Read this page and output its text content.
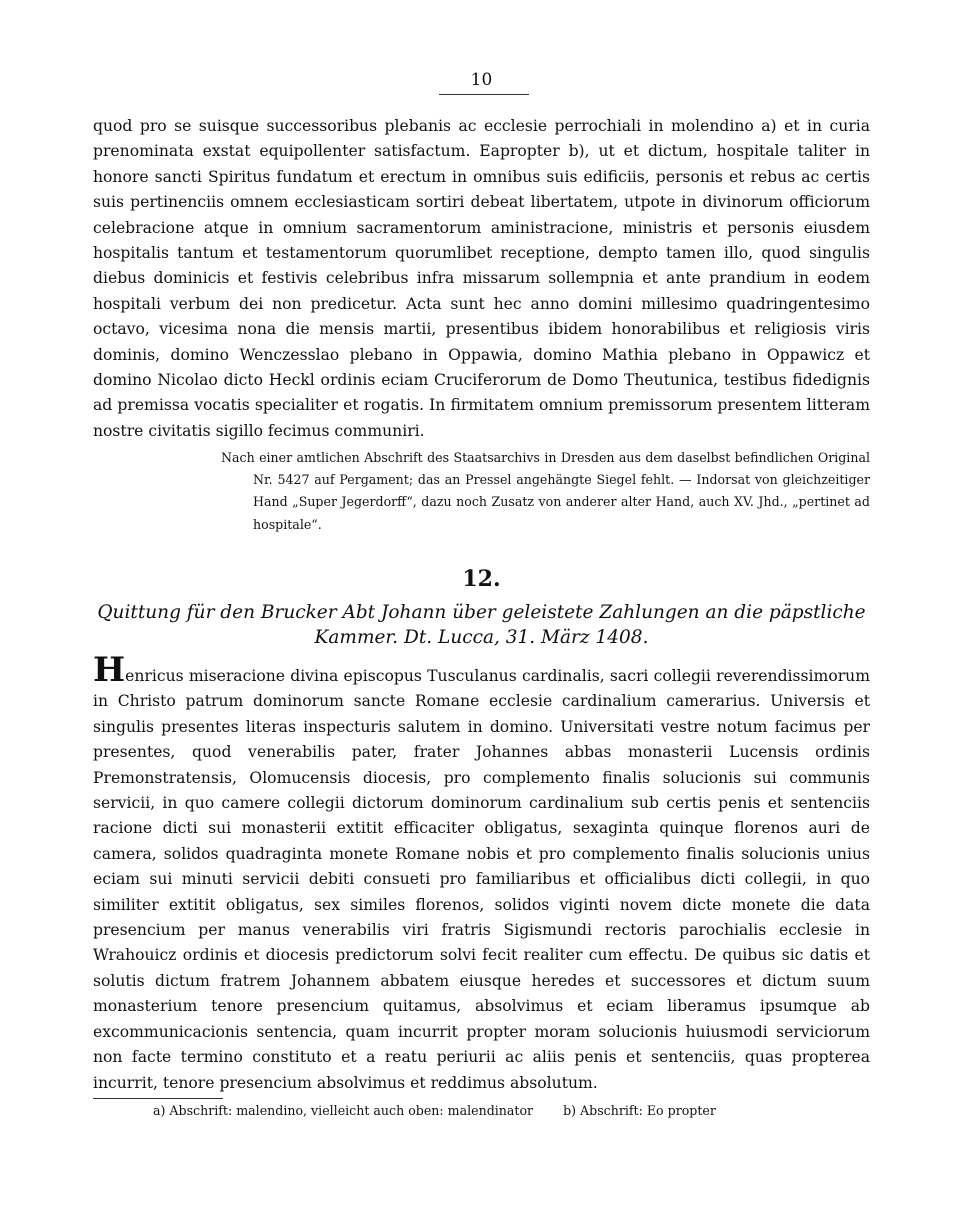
10

quod pro se suisque successoribus plebanis ac ecclesie perrochiali in molendino a) et in curia prenominata exstat equipollenter satisfactum. Eapropter b), ut et dictum, hospitale taliter in honore sancti Spiritus fundatum et erectum in omnibus suis edificiis, personis et rebus ac certis suis pertinenciis omnem ecclesiasticam sortiri debeat libertatem, utpote in divinorum officiorum celebracione atque in omnium sacramentorum aministracione, ministris et personis eiusdem hospitalis tantum et testamentorum quorumlibet receptione, dempto tamen illo, quod singulis diebus dominicis et festivis celebribus infra missarum sollempnia et ante prandium in eodem hospitali verbum dei non predicetur. Acta sunt hec anno domini millesimo quadringentesimo octavo, vicesima nona die mensis martii, presentibus ibidem honorabilibus et religiosis viris dominis, domino Wenczesslao plebano in Oppawia, domino Mathia plebano in Oppawicz et domino Nicolao dicto Heckl ordinis eciam Cruciferorum de Domo Theutunica, testibus fidedignis ad premissa vocatis specialiter et rogatis. In firmitatem omnium premissorum presentem litteram nostre civitatis sigillo fecimus communiri.

Nach einer amtlichen Abschrift des Staatsarchivs in Dresden aus dem daselbst befindlichen Original Nr. 5427 auf Pergament; das an Pressel angehängte Siegel fehlt. — Indorsat von gleichzeitiger Hand „Super Jegerdorff“, dazu noch Zusatz von anderer alter Hand, auch XV. Jhd., „pertinet ad hospitale“.
12.
Quittung für den Brucker Abt Johann über geleistete Zahlungen an die päpstliche Kammer. Dt. Lucca, 31. März 1408.

Henricus miseracione divina episcopus Tusculanus cardinalis, sacri collegii reverendissimorum in Christo patrum dominorum sancte Romane ecclesie cardinalium camerarius. Universis et singulis presentes literas inspecturis salutem in domino. Universitati vestre notum facimus per presentes, quod venerabilis pater, frater Johannes abbas monasterii Lucensis ordinis Premonstratensis, Olomucensis diocesis, pro complemento finalis solucionis sui communis servicii, in quo camere collegii dictorum dominorum cardinalium sub certis penis et sentenciis racione dicti sui monasterii extitit efficaciter obligatus, sexaginta quinque florenos auri de camera, solidos quadraginta monete Romane nobis et pro complemento finalis solucionis unius eciam sui minuti servicii debiti consueti pro familiaribus et officialibus dicti collegii, in quo similiter extitit obligatus, sex similes florenos, solidos viginti novem dicte monete die data presencium per manus venerabilis viri fratris Sigismundi rectoris parochialis ecclesie in Wrahouicz ordinis et diocesis predictorum solvi fecit realiter cum effectu. De quibus sic datis et solutis dictum fratrem Johannem abbatem eiusque heredes et successores et dictum suum monasterium tenore presencium quitamus, absolvimus et eciam liberamus ipsumque ab excommunicacionis sentencia, quam incurrit propter moram solucionis huiusmodi serviciorum non facte termino constituto et a reatu periurii ac aliis penis et sentenciis, quas propterea incurrit, tenore presencium absolvimus et reddimus absolutum.

a) Abschrift: malendino, vielleicht auch oben: malendinator b) Abschrift: Eo propter
